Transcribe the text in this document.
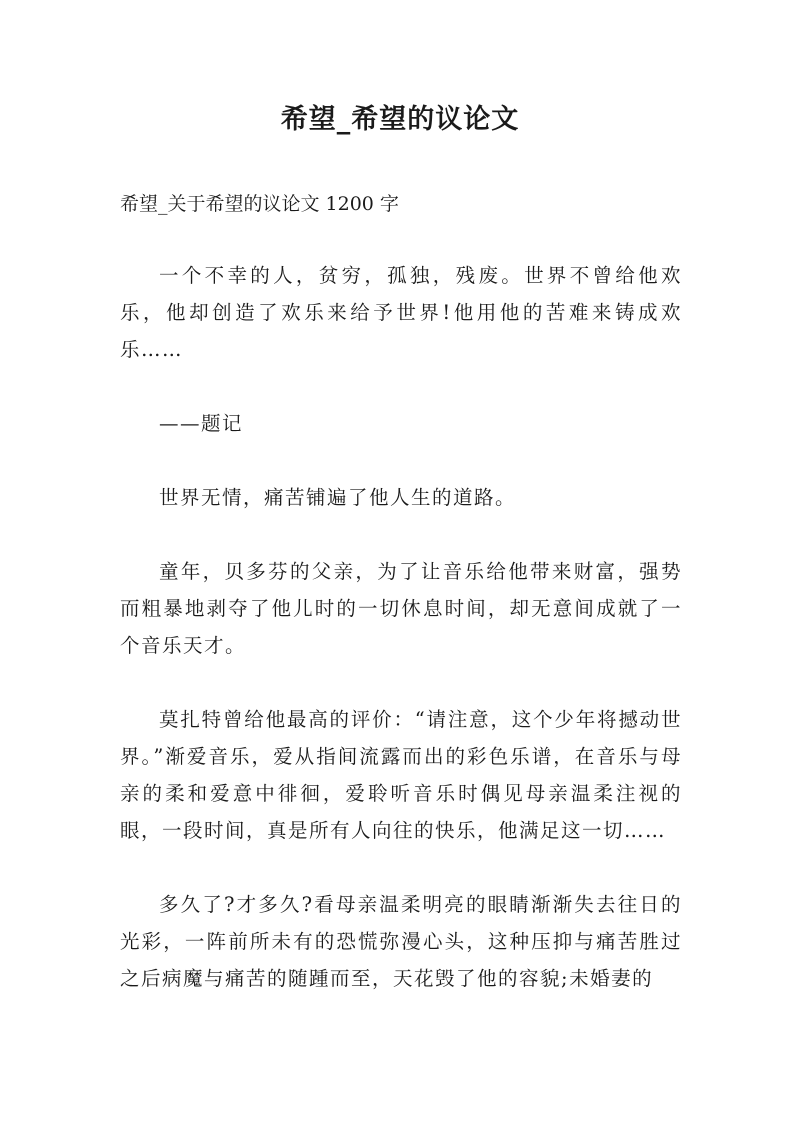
希望_希望的议论文
希望_关于希望的议论文 1200 字

一个不幸的人，贫穷，孤独，残废。世界不曾给他欢乐，他却创造了欢乐来给予世界!他用他的苦难来铸成欢乐……

——题记

世界无情，痛苦铺遍了他人生的道路。

童年，贝多芬的父亲，为了让音乐给他带来财富，强势而粗暴地剥夺了他儿时的一切休息时间，却无意间成就了一个音乐天才。

莫扎特曾给他最高的评价：“请注意，这个少年将撼动世界。”渐爱音乐，爱从指间流露而出的彩色乐谱，在音乐与母亲的柔和爱意中徘徊，爱聆听音乐时偶见母亲温柔注视的眼，一段时间，真是所有人向往的快乐，他满足这一切……

多久了?才多久?看母亲温柔明亮的眼睛渐渐失去往日的光彩，一阵前所未有的恐慌弥漫心头，这种压抑与痛苦胜过之后病魔与痛苦的随踵而至，天花毁了他的容貌;未婚妻的
